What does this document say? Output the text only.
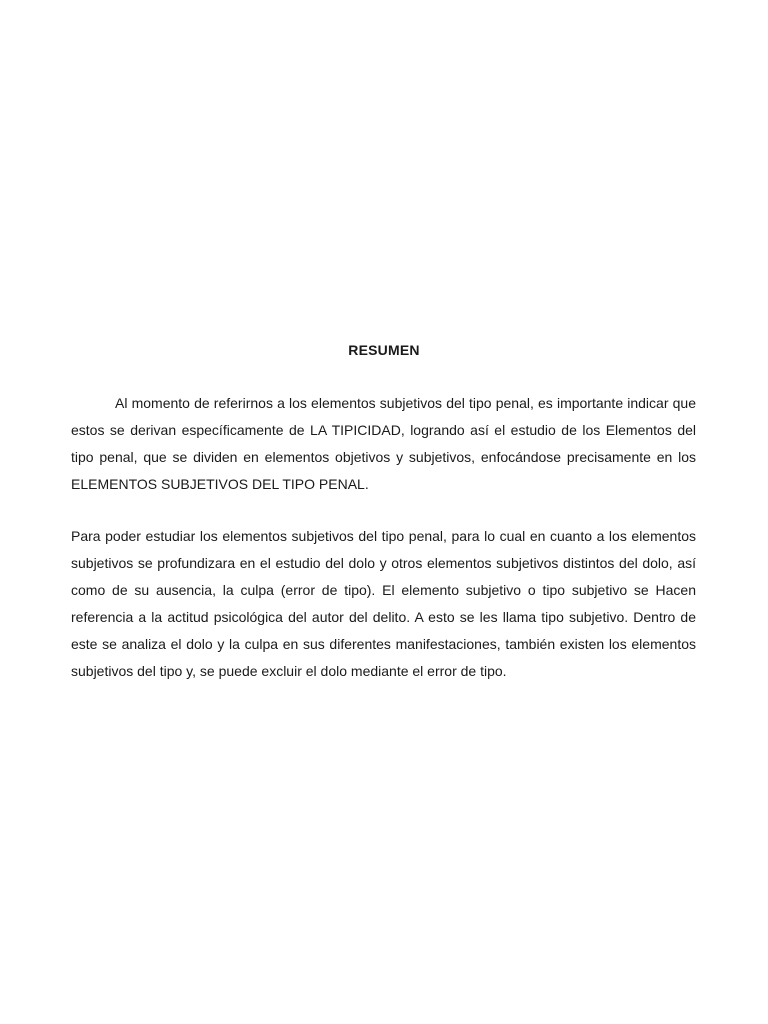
RESUMEN

Al momento de referirnos a los elementos subjetivos del tipo penal, es importante indicar que estos se derivan específicamente de LA TIPICIDAD, logrando así el estudio de los Elementos del tipo penal, que se dividen en elementos objetivos y subjetivos, enfocándose precisamente en los ELEMENTOS SUBJETIVOS DEL TIPO PENAL.

Para poder estudiar los elementos subjetivos del tipo penal, para lo cual en cuanto a los elementos subjetivos se profundizara en el estudio del dolo y otros elementos subjetivos distintos del dolo, así como de su ausencia, la culpa (error de tipo). El elemento subjetivo o tipo subjetivo se Hacen referencia a la actitud psicológica del autor del delito. A esto se les llama tipo subjetivo. Dentro de este se analiza el dolo y la culpa en sus diferentes manifestaciones, también existen los elementos subjetivos del tipo y, se puede excluir el dolo mediante el error de tipo.
